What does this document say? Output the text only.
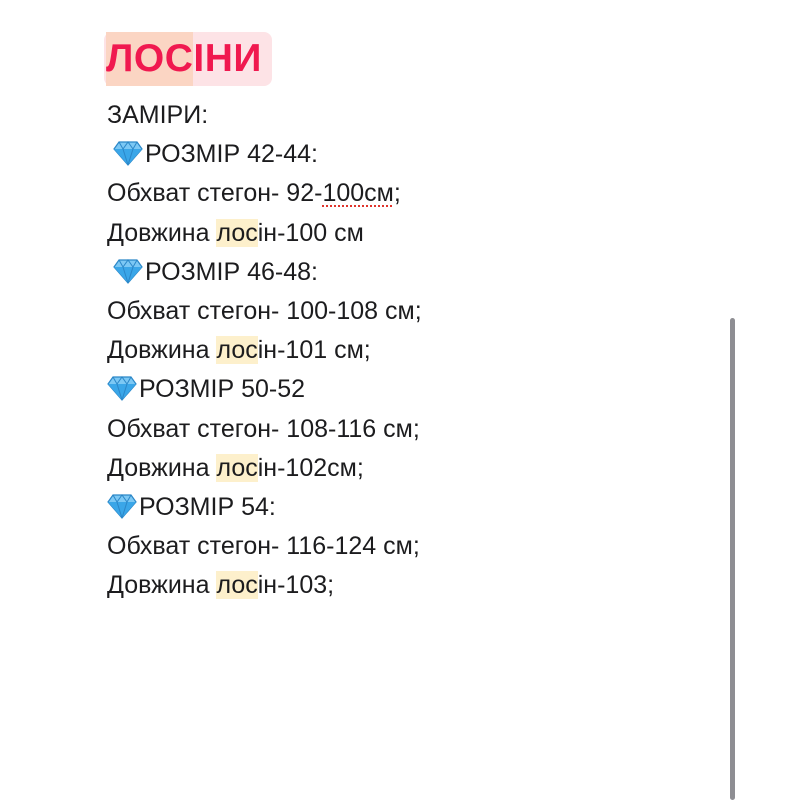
ЛОС ІНИ
ЗАМІРИ:
РОЗМІР 42-44:
Обхват стегон- 92-100см;
Довжина лосін-100 см
РОЗМІР 46-48:
Обхват стегон- 100-108 см;
Довжина лосін-101 см;
РОЗМІР 50-52
Обхват стегон- 108-116 см;
Довжина лосін-102см;
РОЗМІР 54:
Обхват стегон- 116-124 см;
Довжина лосін-103;
